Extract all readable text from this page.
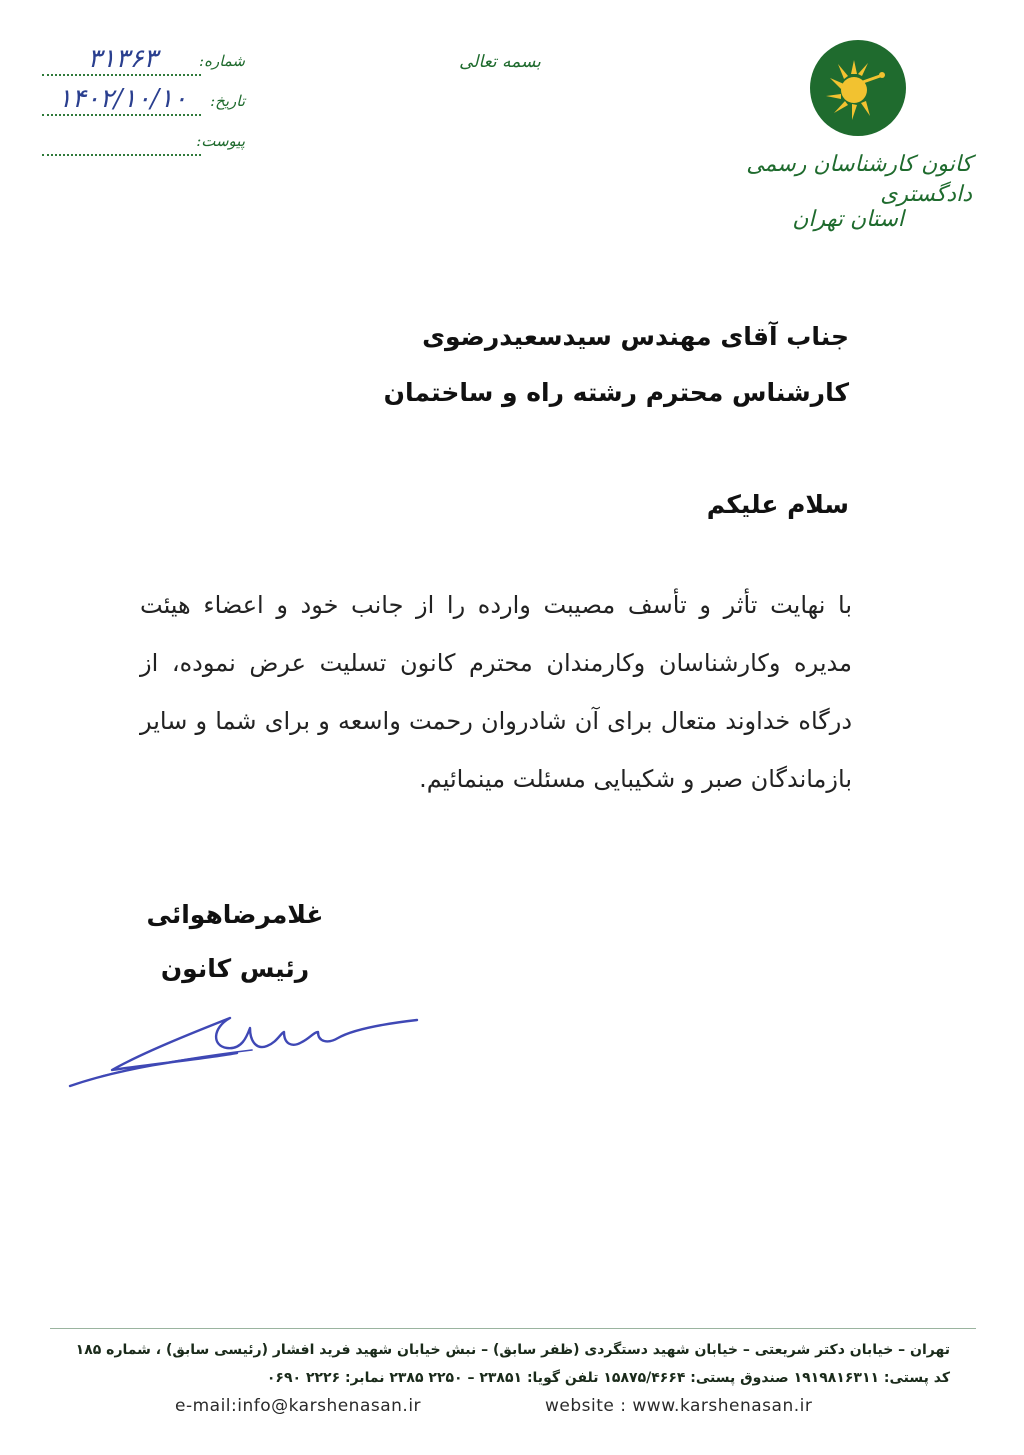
کانون کارشناسان رسمی دادگستری
استان تهران
بسمه تعالی
شماره:
۳۱۳۶۳
تاریخ:
۱۴۰۲/۱۰/۱۰
پیوست:
جناب آقای مهندس سیدسعیدرضوی
کارشناس محترم رشته راه و ساختمان
سلام علیکم
با نهایت تأثر و تأسف مصیبت وارده را از جانب خود و اعضاء هیئت مدیره وکارشناسان وکارمندان محترم کانون تسلیت عرض نموده، از درگاه خداوند متعال برای آن شادروان رحمت واسعه و برای شما و سایر بازماندگان صبر و شکیبایی مسئلت مینمائیم.
غلامرضاهوائی
رئیس کانون
تهران – خیابان دکتر شریعتی – خیابان شهید دستگردی (ظفر سابق) – نبش خیابان شهید فرید افشار (رئیسی سابق) ، شماره ۱۸۵
کد پستی: ۱۹۱۹۸۱۶۳۱۱ صندوق پستی: ۱۵۸۷۵/۴۶۶۴ تلفن گویا: ۲۳۸۵۱ – ۲۲۵۰ ۲۳۸۵ نمابر: ۲۲۲۶ ۰۶۹۰
website : www.karshenasan.ir
e-mail:info@karshenasan.ir
